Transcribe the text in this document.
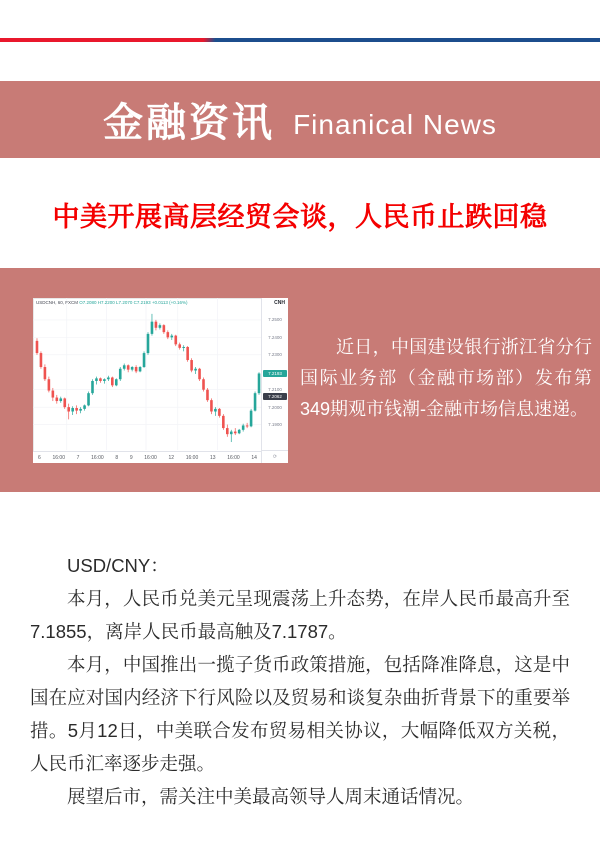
金融资讯 Finanical News
中美开展高层经贸会谈，人民币止跌回稳
USDCNH, 60, FXCM O7.2080 H7.2200 L7.2070 C7.2193 +0.0113 (+0.16%)	CNH
7.2500
7.2400
7.2300
7.2100
7.2000
7.1900
7.2193
7.2062
6 16:00 7 16:00 8 9 16:00 12 16:00 13 16:00 14	⟳
近日，中国建设银行浙江省分行国际业务部（金融市场部）发布第349期观市钱潮-金融市场信息速递。

USD/CNY：

本月，人民币兑美元呈现震荡上升态势，在岸人民币最高升至7.1855，离岸人民币最高触及7.1787。

本月，中国推出一揽子货币政策措施，包括降准降息，这是中国在应对国内经济下行风险以及贸易和谈复杂曲折背景下的重要举措。5月12日，中美联合发布贸易相关协议，大幅降低双方关税，人民币汇率逐步走强。

展望后市，需关注中美最高领导人周末通话情况。
